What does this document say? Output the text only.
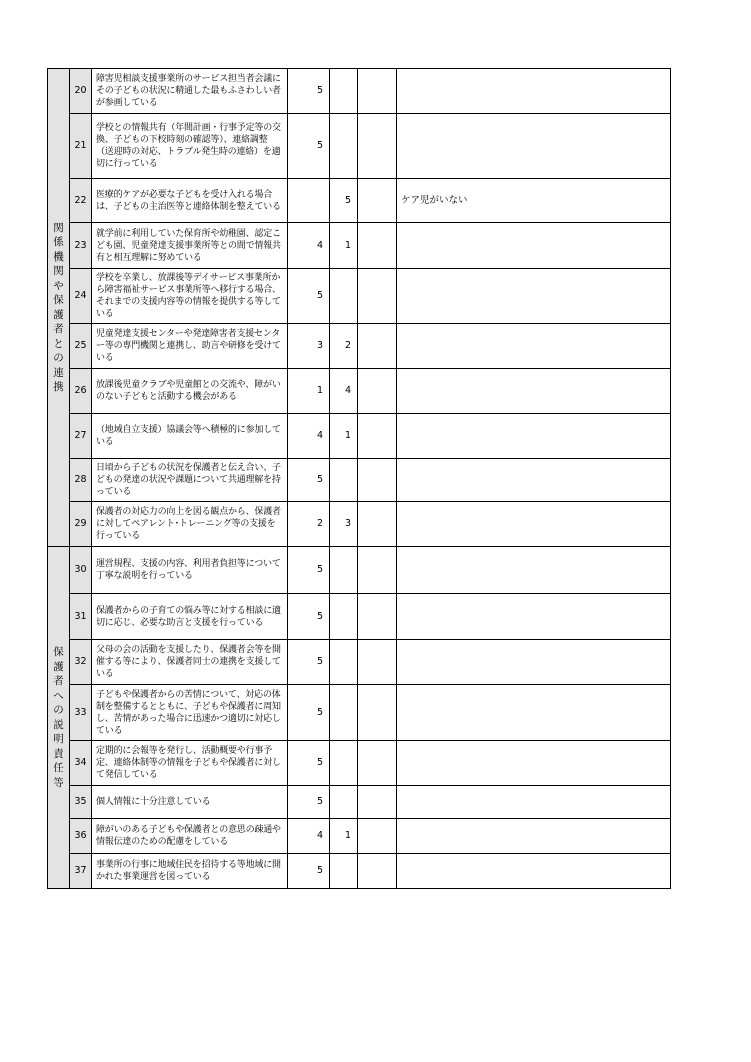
関係機関や保護者との連携	20	障害児相談支援事業所のサービス担当者会議にその子どもの状況に精通した最もふさわしい者が参画している	5			
	21	学校との情報共有（年間計画・行事予定等の交換、子どもの下校時刻の確認等）、連絡調整（送迎時の対応、トラブル発生時の連絡）を適切に行っている	5			
	22	医療的ケアが必要な子どもを受け入れる場合は、子どもの主治医等と連絡体制を整えている		5		ケア児がいない
	23	就学前に利用していた保育所や幼稚園、認定こども園、児童発達支援事業所等との間で情報共有と相互理解に努めている	4	1		
	24	学校を卒業し、放課後等デイサービス事業所から障害福祉サービス事業所等へ移行する場合、それまでの支援内容等の情報を提供する等している	5			
	25	児童発達支援センターや発達障害者支援センター等の専門機関と連携し、助言や研修を受けている	3	2		
	26	放課後児童クラブや児童館との交流や、障がいのない子どもと活動する機会がある	1	4		
	27	（地域自立支援）協議会等へ積極的に参加している	4	1		
	28	日頃から子どもの状況を保護者と伝え合い、子どもの発達の状況や課題について共通理解を持っている	5			
	29	保護者の対応力の向上を図る観点から、保護者に対してペアレント･トレーニング等の支援を行っている	2	3		
保護者への説明責任等	30	運営規程、支援の内容、利用者負担等について丁寧な説明を行っている	5			
	31	保護者からの子育ての悩み等に対する相談に適切に応じ、必要な助言と支援を行っている	5			
	32	父母の会の活動を支援したり、保護者会等を開催する等により、保護者同士の連携を支援している	5			
	33	子どもや保護者からの苦情について、対応の体制を整備するとともに、子どもや保護者に周知し、苦情があった場合に迅速かつ適切に対応している	5			
	34	定期的に会報等を発行し、活動概要や行事予定、連絡体制等の情報を子どもや保護者に対して発信している	5			
	35	個人情報に十分注意している	5			
	36	障がいのある子どもや保護者との意思の疎通や情報伝達のための配慮をしている	4	1		
	37	事業所の行事に地域住民を招待する等地域に開かれた事業運営を図っている	5			
